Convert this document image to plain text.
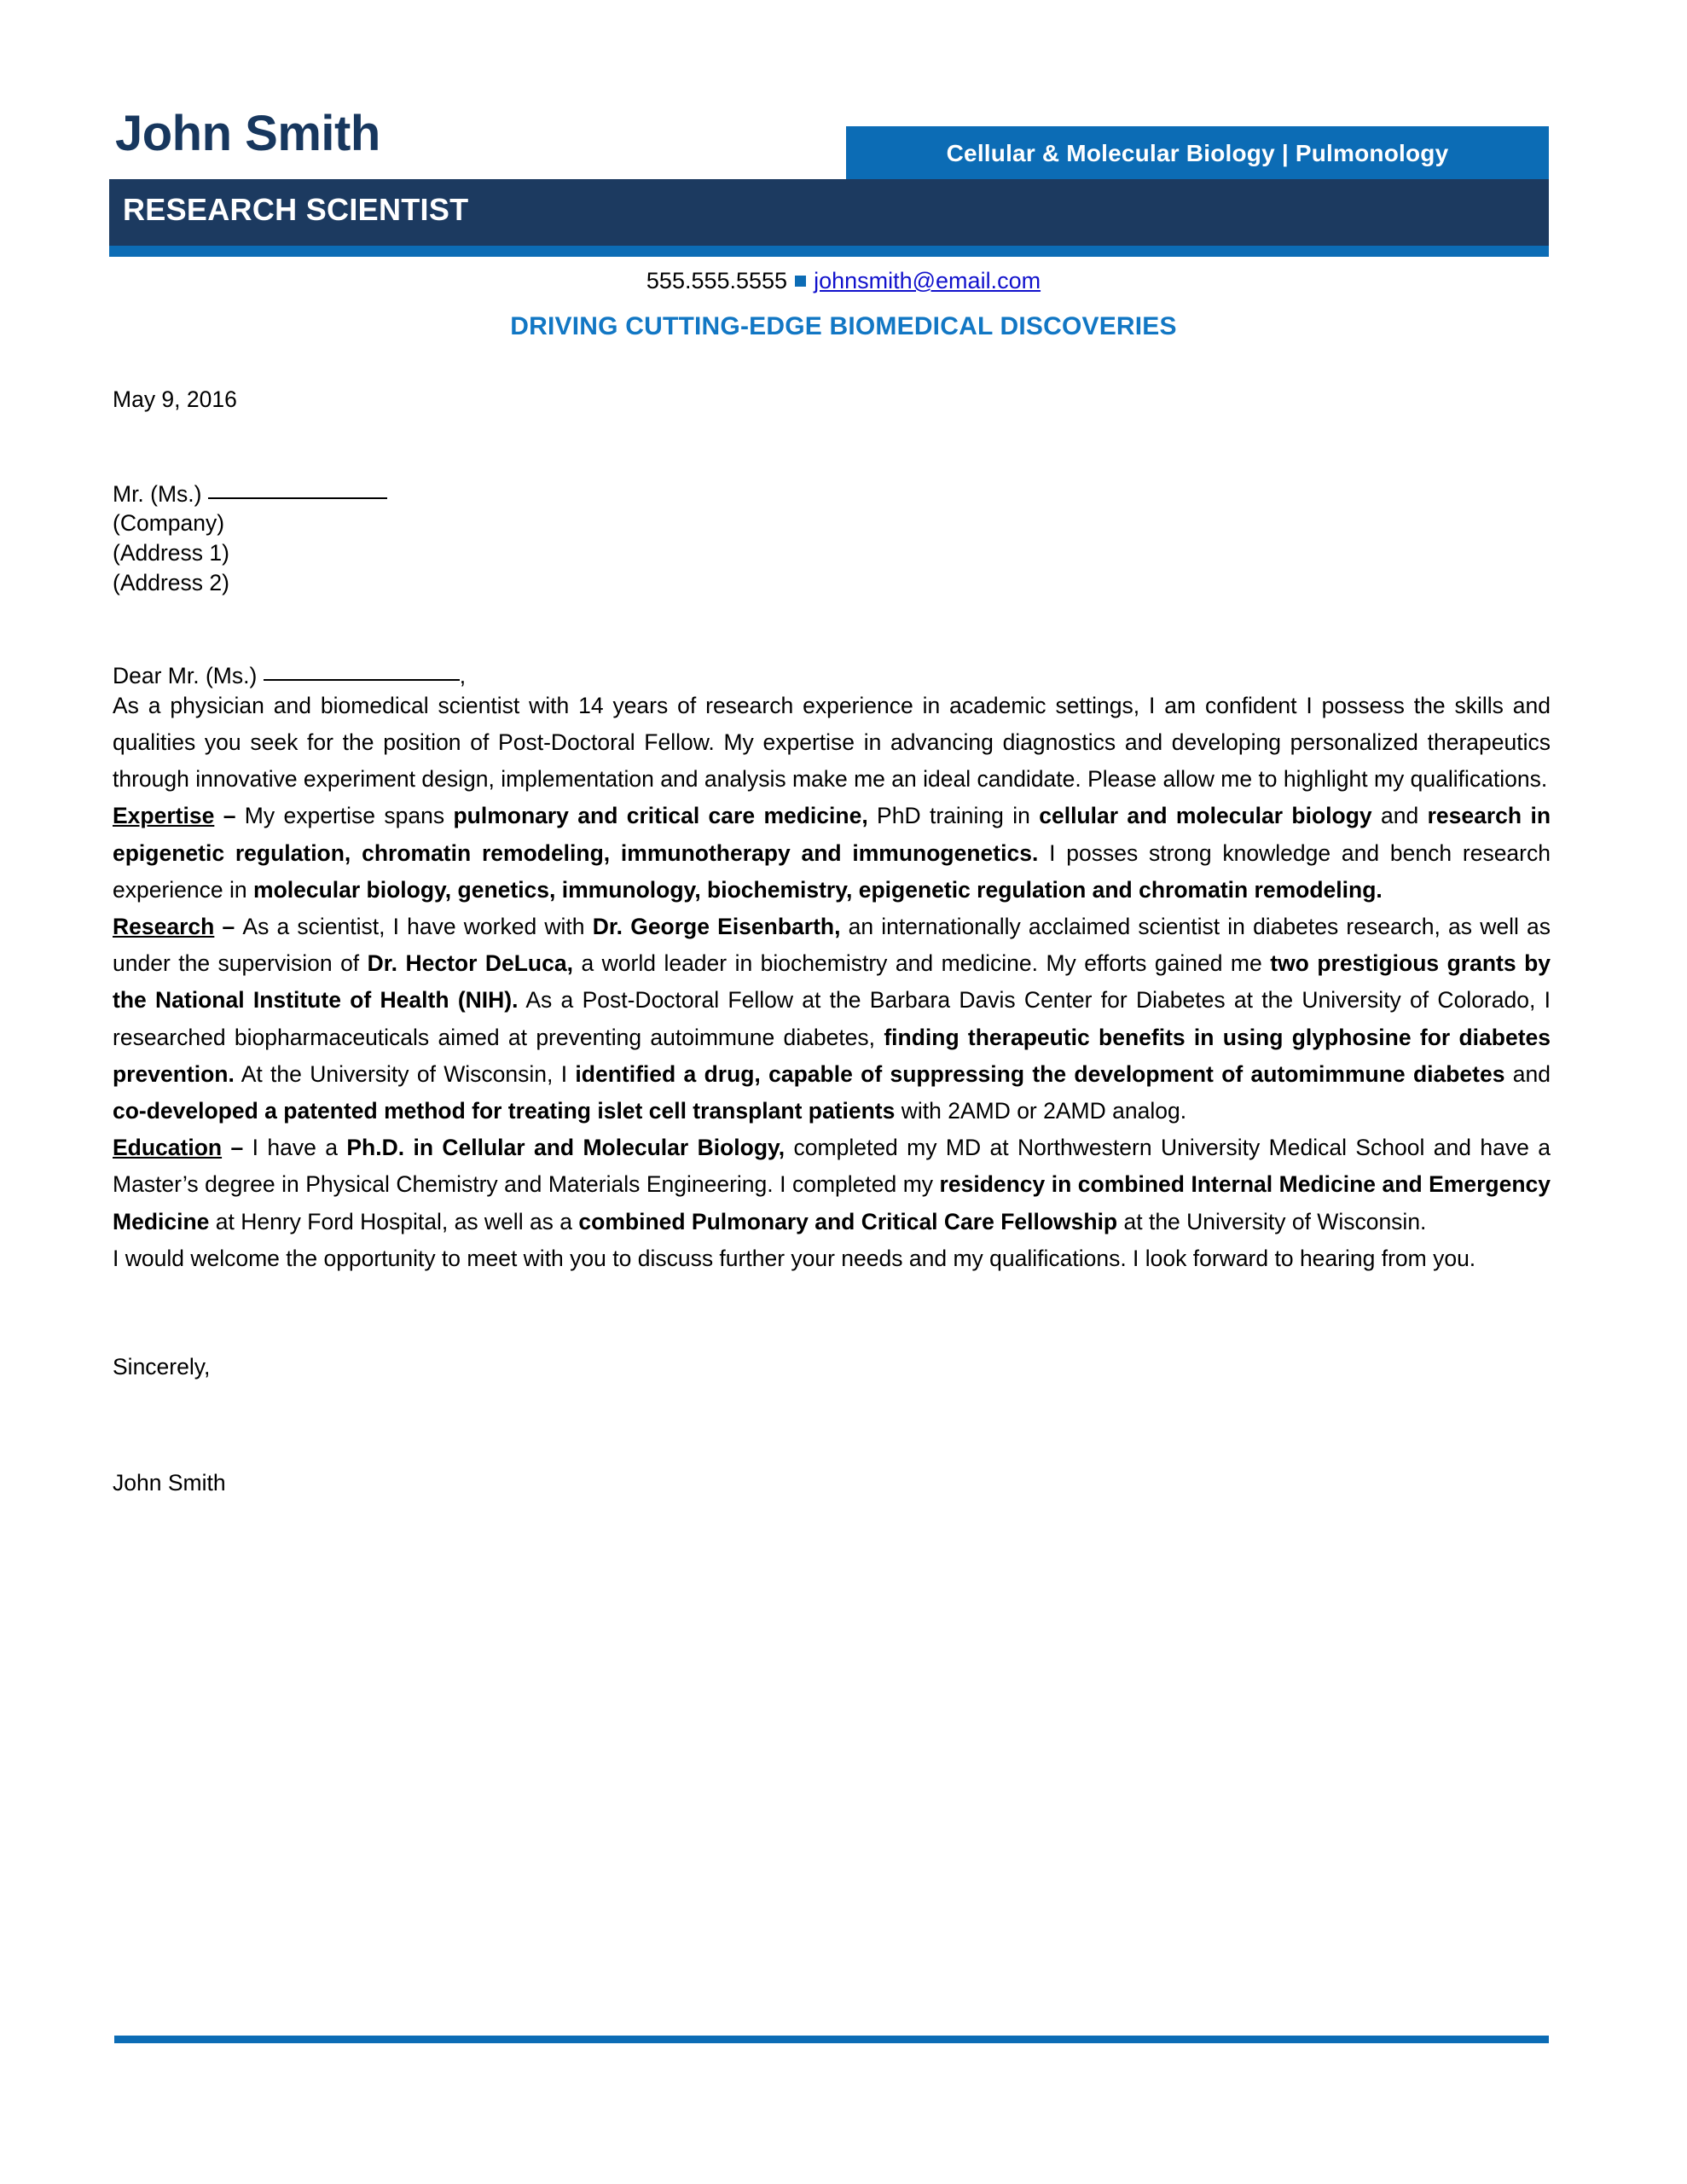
John Smith	Cellular & Molecular Biology | Pulmonology
RESEARCH SCIENTIST
555.555.5555 johnsmith@email.com
DRIVING CUTTING-EDGE BIOMEDICAL DISCOVERIES
May 9, 2016
Mr. (Ms.)
(Company)
(Address 1)
(Address 2)
Dear Mr. (Ms.)	,

As a physician and biomedical scientist with 14 years of research experience in academic settings, I am confident I possess the skills and qualities you seek for the position of Post-Doctoral Fellow. My expertise in advancing diagnostics and developing personalized therapeutics through innovative experiment design, implementation and analysis make me an ideal candidate. Please allow me to highlight my qualifications.

Expertise – My expertise spans pulmonary and critical care medicine, PhD training in cellular and molecular biology and research in epigenetic regulation, chromatin remodeling, immunotherapy and immunogenetics. I posses strong knowledge and bench research experience in molecular biology, genetics, immunology, biochemistry, epigenetic regulation and chromatin remodeling.

Research – As a scientist, I have worked with Dr. George Eisenbarth, an internationally acclaimed scientist in diabetes research, as well as under the supervision of Dr. Hector DeLuca, a world leader in biochemistry and medicine. My efforts gained me two prestigious grants by the National Institute of Health (NIH). As a Post-Doctoral Fellow at the Barbara Davis Center for Diabetes at the University of Colorado, I researched biopharmaceuticals aimed at preventing autoimmune diabetes, finding therapeutic benefits in using glyphosine for diabetes prevention. At the University of Wisconsin, I identified a drug, capable of suppressing the development of automimmune diabetes and co-developed a patented method for treating islet cell transplant patients with 2AMD or 2AMD analog.

Education – I have a Ph.D. in Cellular and Molecular Biology, completed my MD at Northwestern University Medical School and have a Master’s degree in Physical Chemistry and Materials Engineering. I completed my residency in combined Internal Medicine and Emergency Medicine at Henry Ford Hospital, as well as a combined Pulmonary and Critical Care Fellowship at the University of Wisconsin.

I would welcome the opportunity to meet with you to discuss further your needs and my qualifications. I look forward to hearing from you.

Sincerely,
John Smith
